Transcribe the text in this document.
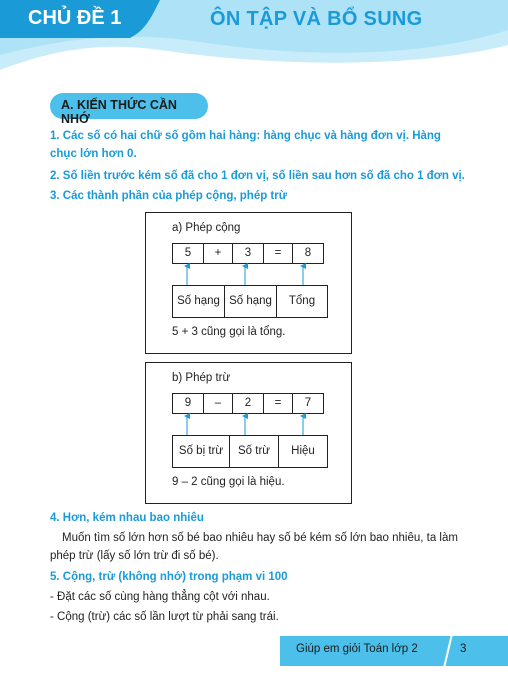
CHỦ ĐỀ 1	ÔN TẬP VÀ BỔ SUNG
A. KIẾN THỨC CẦN NHỚ
1. Các số có hai chữ số gồm hai hàng: hàng chục và hàng đơn vị. Hàng
chục lớn hơn 0.
2. Số liền trước kém số đã cho 1 đơn vị, số liền sau hơn số đã cho 1 đơn vị.
3. Các thành phần của phép cộng, phép trừ
a) Phép cộng
5	+	3	=	8
Số hạng Số hạng	Tổng
5 + 3 cũng gọi là tổng.
b) Phép trừ
9	–	2	=	7
Số bị trừ	Số trừ	Hiệu
9 – 2 cũng gọi là hiệu.
4. Hơn, kém nhau bao nhiêu
Muốn tìm số lớn hơn số bé bao nhiêu hay số bé kém số lớn bao nhiêu, ta làm
phép trừ (lấy số lớn trừ đi số bé).
5. Cộng, trừ (không nhớ) trong phạm vi 100
- Đặt các số cùng hàng thẳng cột với nhau.
- Cộng (trừ) các số lần lượt từ phải sang trái.
Giúp em giỏi Toán lớp 2	3
